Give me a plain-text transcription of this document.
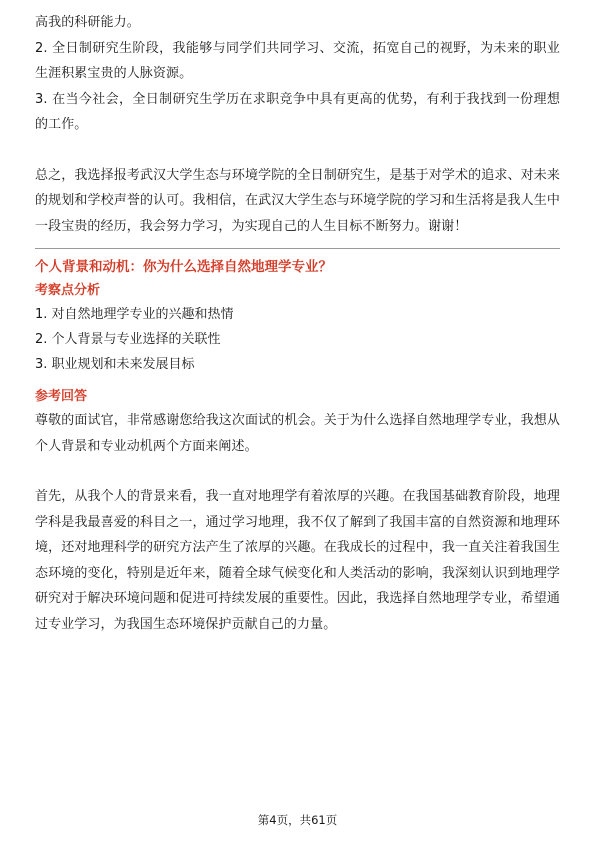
高我的科研能力。

2. 全日制研究生阶段，我能够与同学们共同学习、交流，拓宽自己的视野，为未来的职业生涯积累宝贵的人脉资源。

3. 在当今社会，全日制研究生学历在求职竞争中具有更高的优势，有利于我找到一份理想的工作。

总之，我选择报考武汉大学生态与环境学院的全日制研究生，是基于对学术的追求、对未来的规划和学校声誉的认可。我相信，在武汉大学生态与环境学院的学习和生活将是我人生中一段宝贵的经历，我会努力学习，为实现自己的人生目标不断努力。谢谢！

个人背景和动机：你为什么选择自然地理学专业？

考察点分析

1. 对自然地理学专业的兴趣和热情

2. 个人背景与专业选择的关联性

3. 职业规划和未来发展目标

参考回答

尊敬的面试官，非常感谢您给我这次面试的机会。关于为什么选择自然地理学专业，我想从个人背景和专业动机两个方面来阐述。

首先，从我个人的背景来看，我一直对地理学有着浓厚的兴趣。在我国基础教育阶段，地理学科是我最喜爱的科目之一，通过学习地理，我不仅了解到了我国丰富的自然资源和地理环境，还对地理科学的研究方法产生了浓厚的兴趣。在我成长的过程中，我一直关注着我国生态环境的变化，特别是近年来，随着全球气候变化和人类活动的影响，我深刻认识到地理学研究对于解决环境问题和促进可持续发展的重要性。因此，我选择自然地理学专业，希望通过专业学习，为我国生态环境保护贡献自己的力量。

第4页，共61页
